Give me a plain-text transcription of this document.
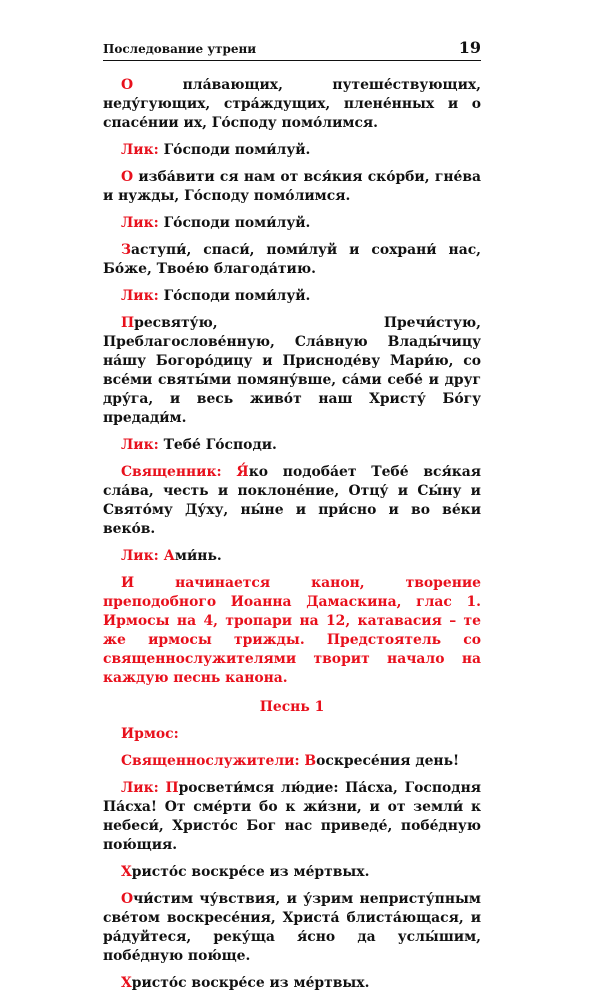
Последование утрени	19
О пла́вающих, путеше́ствующих, неду́гующих, стра́ждущих, плене́нных и о спасе́нии их, Го́споду помо́лимся.
Лик: Го́споди поми́луй.
О изба́вити ся нам от вся́кия ско́рби, гне́ва и нужды, Го́споду помо́лимся.
Лик: Го́споди поми́луй.
Заступи́, спаси́, поми́луй и сохрани́ нас, Бо́же, Твое́ю благода́тию.
Лик: Го́споди поми́луй.
Пресвяту́ю, Пречи́стую, Преблагослове́нную, Сла́вную Влады́чицу на́шу Богоро́дицу и Присноде́ву Мари́ю, со все́ми святы́ми помяну́вше, са́ми себе́ и друг дру́га, и весь живо́т наш Христу́ Бо́гу предади́м.
Лик: Тебе́ Го́споди.
Священник: Я́ко подоба́ет Тебе́ вся́кая сла́ва, честь и поклоне́ние, Отцу́ и Сы́ну и Свято́му Ду́ху, ны́не и при́сно и во ве́ки веко́в.
Лик: Ами́нь.
И начинается канон, творение преподобного Иоанна Дамаскина, глас 1. Ирмосы на 4, тропари на 12, катавасия – те же ирмосы трижды. Предстоятель со священнослужителями творит начало на каждую песнь канона.
Песнь 1
Ирмос:
Священнослужители: Воскресе́ния день!
Лик: Просвети́мся лю́дие: Па́сха, Господня Па́сха! От сме́рти бо к жи́зни, и от земли́ к небеси́, Христо́с Бог нас приведе́, побе́дную пою́щия.
Христо́с воскре́се из ме́ртвых.
Очи́стим чу́вствия, и у́зрим непристу́пным све́том воскресе́ния, Христа́ блиста́ющася, и ра́дуйтеся, реку́ща я́сно да услы́шим, побе́дную пою́ще.
Христо́с воскре́се из ме́ртвых.
